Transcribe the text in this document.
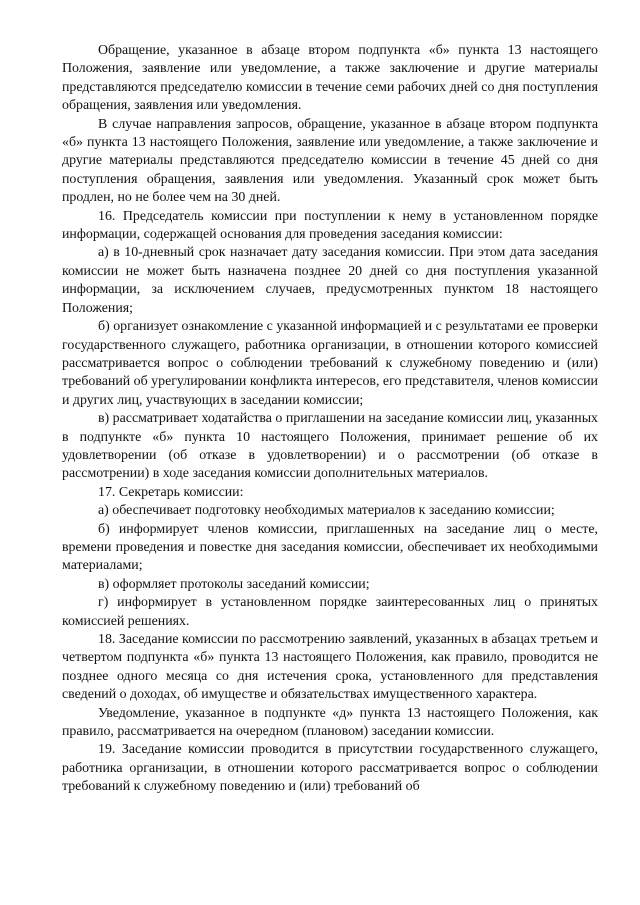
Обращение, указанное в абзаце втором подпункта «б» пункта 13 настоящего Положения, заявление или уведомление, а также заключение и другие материалы представляются председателю комиссии в течение семи рабочих дней со дня поступления обращения, заявления или уведомления.

В случае направления запросов, обращение, указанное в абзаце втором подпункта «б» пункта 13 настоящего Положения, заявление или уведомление, а также заключение и другие материалы представляются председателю комиссии в течение 45 дней со дня поступления обращения, заявления или уведомления. Указанный срок может быть продлен, но не более чем на 30 дней.

16. Председатель комиссии при поступлении к нему в установленном порядке информации, содержащей основания для проведения заседания комиссии:

а) в 10-дневный срок назначает дату заседания комиссии. При этом дата заседания комиссии не может быть назначена позднее 20 дней со дня поступления указанной информации, за исключением случаев, предусмотренных пунктом 18 настоящего Положения;

б) организует ознакомление с указанной информацией и с результатами ее проверки государственного служащего, работника организации, в отношении которого комиссией рассматривается вопрос о соблюдении требований к служебному поведению и (или) требований об урегулировании конфликта интересов, его представителя, членов комиссии и других лиц, участвующих в заседании комиссии;

в) рассматривает ходатайства о приглашении на заседание комиссии лиц, указанных в подпункте «б» пункта 10 настоящего Положения, принимает решение об их удовлетворении (об отказе в удовлетворении) и о рассмотрении (об отказе в рассмотрении) в ходе заседания комиссии дополнительных материалов.

17. Секретарь комиссии:

а) обеспечивает подготовку необходимых материалов к заседанию комиссии;

б) информирует членов комиссии, приглашенных на заседание лиц о месте, времени проведения и повестке дня заседания комиссии, обеспечивает их необходимыми материалами;

в) оформляет протоколы заседаний комиссии;

г) информирует в установленном порядке заинтересованных лиц о принятых комиссией решениях.

18. Заседание комиссии по рассмотрению заявлений, указанных в абзацах третьем и четвертом подпункта «б» пункта 13 настоящего Положения, как правило, проводится не позднее одного месяца со дня истечения срока, установленного для представления сведений о доходах, об имуществе и обязательствах имущественного характера.

Уведомление, указанное в подпункте «д» пункта 13 настоящего Положения, как правило, рассматривается на очередном (плановом) заседании комиссии.

19. Заседание комиссии проводится в присутствии государственного служащего, работника организации, в отношении которого рассматривается вопрос о соблюдении требований к служебному поведению и (или) требований об
